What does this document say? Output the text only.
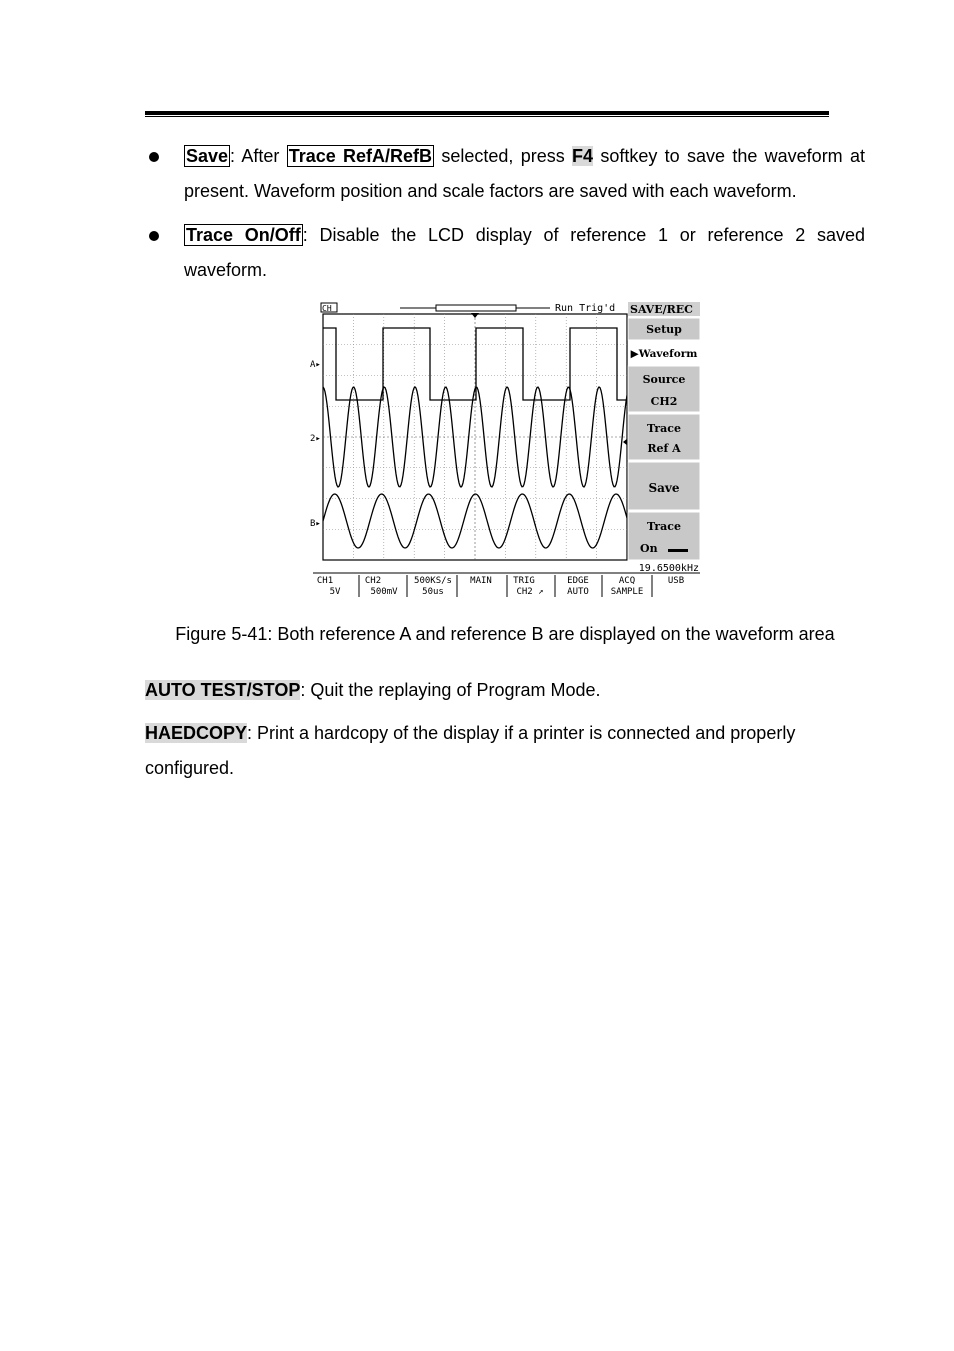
Save : After Trace RefA/RefB selected, press F4 softkey to save the waveform at present. Waveform position and scale factors are saved with each waveform.
Trace On/Off : Disable the LCD display of reference 1 or reference 2 saved waveform.
CH	Run Trig'd
A▸
2▸
B▸
SAVE/REC
Setup
▶Waveform
Source
CH2
Trace
Ref A
Save
Trace
On
19.6500kHz
CH1
5V
CH2
500mV
500KS/s
50us
MAIN TRIG
CH2 ↗
EDGE
AUTO
ACQ
SAMPLE
USB
Figure 5-41: Both reference A and reference B are displayed on the waveform area
AUTO TEST/STOP: Quit the replaying of Program Mode.
HAEDCOPY: Print a hardcopy of the display if a printer is connected and properly configured.
